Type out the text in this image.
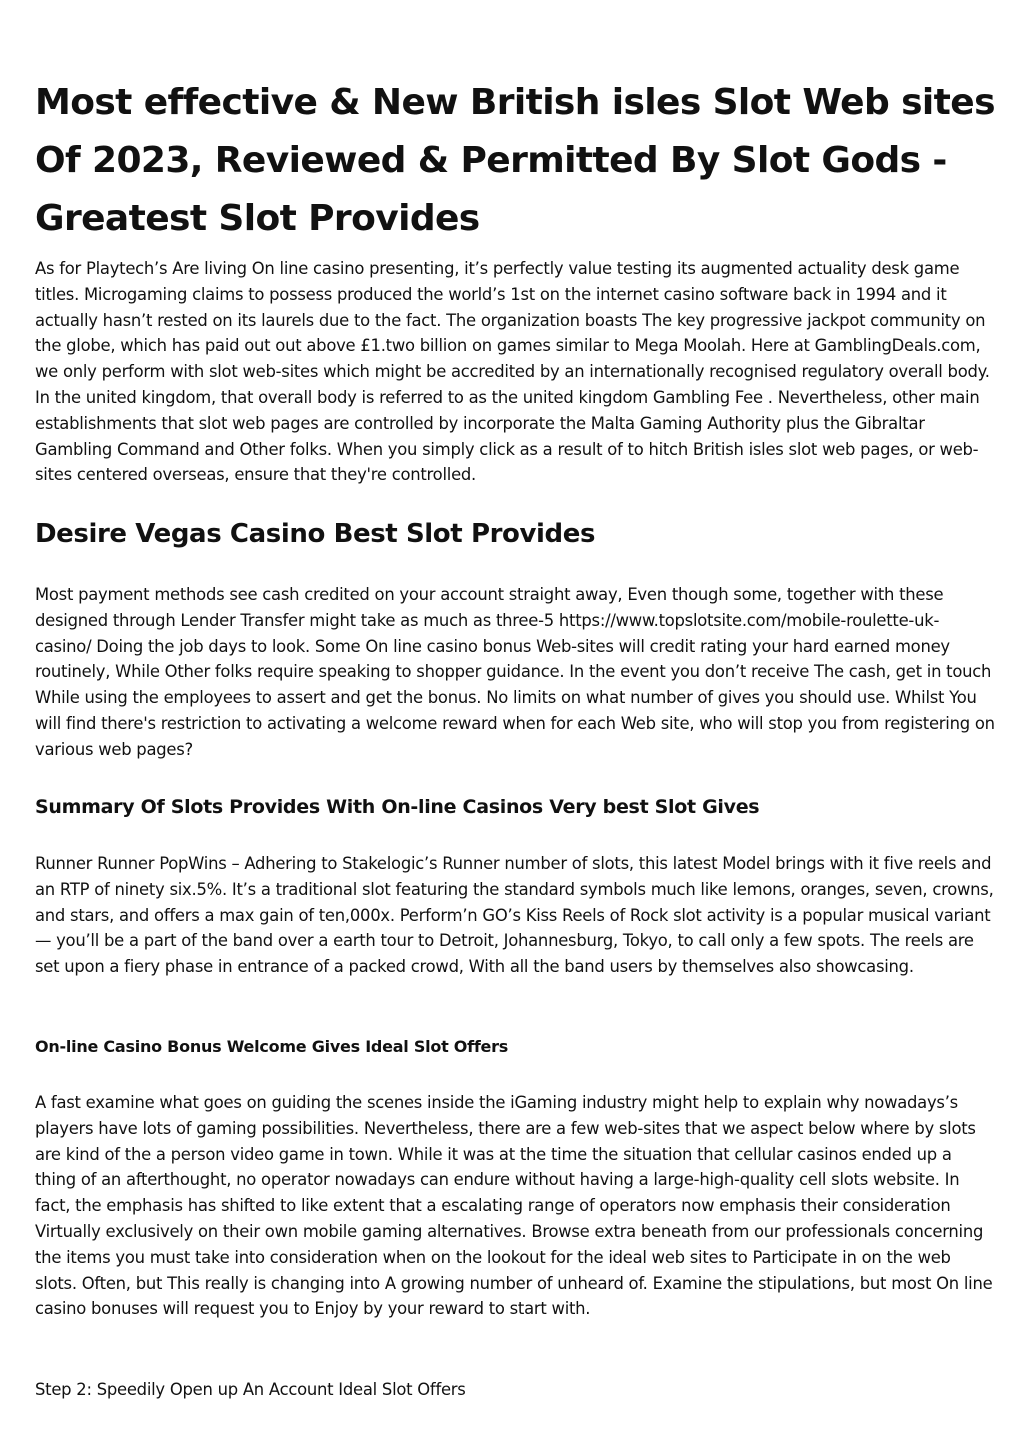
Most effective & New British isles Slot Web sites Of 2023, Reviewed & Permitted By Slot Gods - Greatest Slot Provides

As for Playtech’s Are living On line casino presenting, it’s perfectly value testing its augmented actuality desk game titles. Microgaming claims to possess produced the world’s 1st on the internet casino software back in 1994 and it actually hasn’t rested on its laurels due to the fact. The organization boasts The key progressive jackpot community on the globe, which has paid out out above £1.two billion on games similar to Mega Moolah. Here at GamblingDeals.com, we only perform with slot web-sites which might be accredited by an internationally recognised regulatory overall body. In the united kingdom, that overall body is referred to as the united kingdom Gambling Fee . Nevertheless, other main establishments that slot web pages are controlled by incorporate the Malta Gaming Authority plus the Gibraltar Gambling Command and Other folks. When you simply click as a result of to hitch British isles slot web pages, or web-sites centered overseas, ensure that they're controlled.

Desire Vegas Casino Best Slot Provides

Most payment methods see cash credited on your account straight away, Even though some, together with these designed through Lender Transfer might take as much as three-5 https://www.topslotsite.com/mobile-roulette-uk-casino/ Doing the job days to look. Some On line casino bonus Web-sites will credit rating your hard earned money routinely, While Other folks require speaking to shopper guidance. In the event you don’t receive The cash, get in touch While using the employees to assert and get the bonus. No limits on what number of gives you should use. Whilst You will find there's restriction to activating a welcome reward when for each Web site, who will stop you from registering on various web pages?

Summary Of Slots Provides With On-line Casinos Very best Slot Gives

Runner Runner PopWins – Adhering to Stakelogic’s Runner number of slots, this latest Model brings with it five reels and an RTP of ninety six.5%. It’s a traditional slot featuring the standard symbols much like lemons, oranges, seven, crowns, and stars, and offers a max gain of ten,000x. Perform’n GO’s Kiss Reels of Rock slot activity is a popular musical variant — you’ll be a part of the band over a earth tour to Detroit, Johannesburg, Tokyo, to call only a few spots. The reels are set upon a fiery phase in entrance of a packed crowd, With all the band users by themselves also showcasing.

On-line Casino Bonus Welcome Gives Ideal Slot Offers

A fast examine what goes on guiding the scenes inside the iGaming industry might help to explain why nowadays’s players have lots of gaming possibilities. Nevertheless, there are a few web-sites that we aspect below where by slots are kind of the a person video game in town. While it was at the time the situation that cellular casinos ended up a thing of an afterthought, no operator nowadays can endure without having a large-high-quality cell slots website. In fact, the emphasis has shifted to like extent that a escalating range of operators now emphasis their consideration Virtually exclusively on their own mobile gaming alternatives. Browse extra beneath from our professionals concerning the items you must take into consideration when on the lookout for the ideal web sites to Participate in on the web slots. Often, but This really is changing into A growing number of unheard of. Examine the stipulations, but most On line casino bonuses will request you to Enjoy by your reward to start with.

Step 2: Speedily Open up An Account Ideal Slot Offers
